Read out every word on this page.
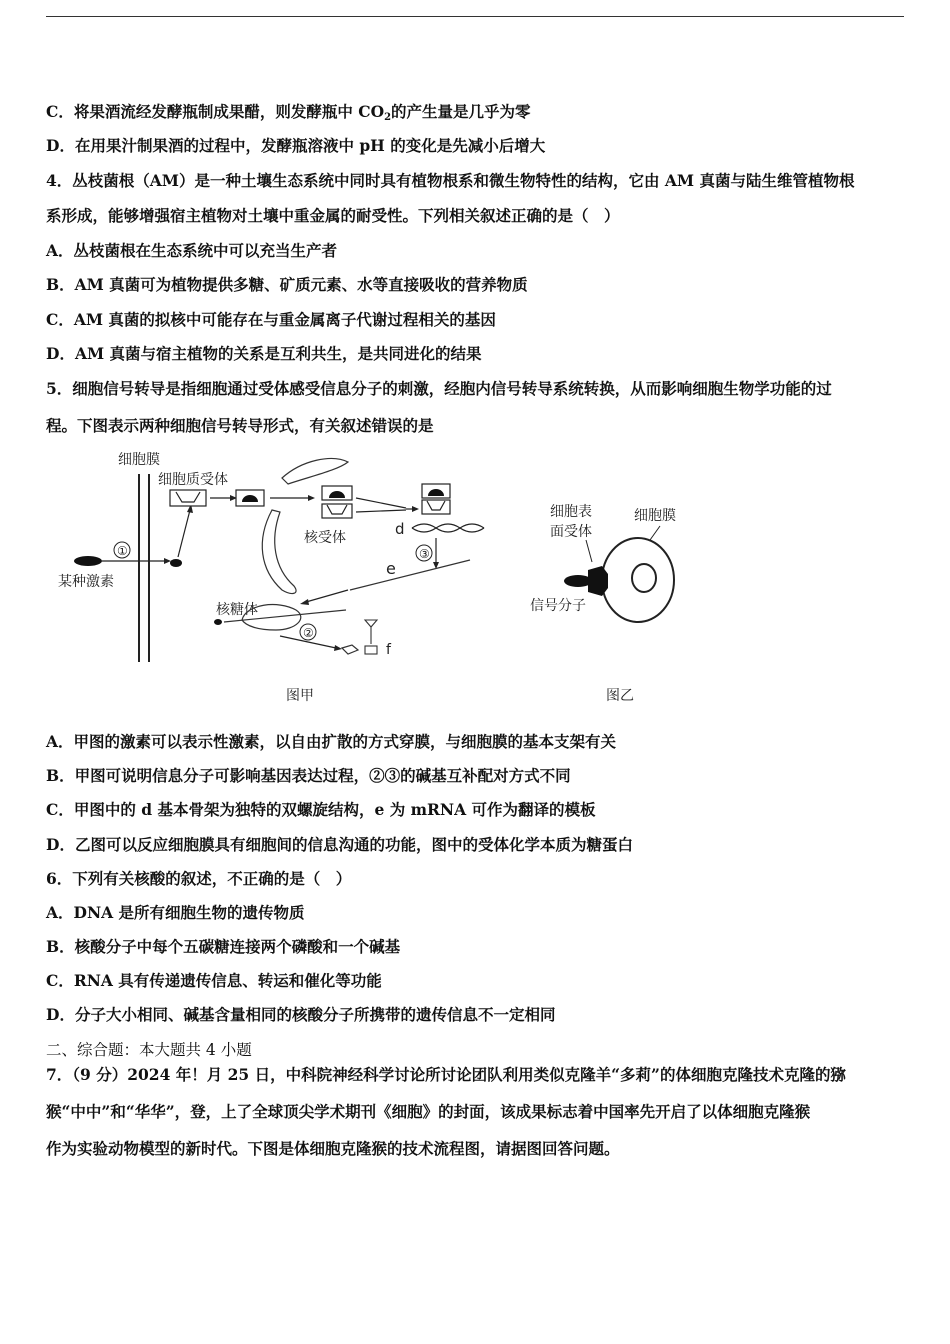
C．将果酒流经发酵瓶制成果醋，则发酵瓶中 $CO_2$的产生量是几乎为零
D．在用果汁制果酒的过程中，发酵瓶溶液中 pH 的变化是先减小后增大
4．丛枝菌根（AM）是一种土壤生态系统中同时具有植物根系和微生物特性的结构，它由 AM 真菌与陆生维管植物根
系形成，能够增强宿主植物对土壤中重金属的耐受性。下列相关叙述正确的是（　）
A．丛枝菌根在生态系统中可以充当生产者
B．AM 真菌可为植物提供多糖、矿质元素、水等直接吸收的营养物质
C．AM 真菌的拟核中可能存在与重金属离子代谢过程相关的基因
D．AM 真菌与宿主植物的关系是互利共生，是共同进化的结果
5．细胞信号转导是指细胞通过受体感受信息分子的刺激，经胞内信号转导系统转换，从而影响细胞生物学功能的过
程。下图表示两种细胞信号转导形式，有关叙述错误的是
细胞膜
细胞质受体
某种激素
①
核受体	d
③
e
核糖体
②
f
图甲
细胞表
面受体
细胞膜
信号分子
图乙
A．甲图的激素可以表示性激素，以自由扩散的方式穿膜，与细胞膜的基本支架有关
B．甲图可说明信息分子可影响基因表达过程，②③的碱基互补配对方式不同
C．甲图中的 d 基本骨架为独特的双螺旋结构，e 为 mRNA 可作为翻译的模板
D．乙图可以反应细胞膜具有细胞间的信息沟通的功能，图中的受体化学本质为糖蛋白
6．下列有关核酸的叙述，不正确的是（　）
A．DNA 是所有细胞生物的遗传物质
B．核酸分子中每个五碳糖连接两个磷酸和一个碱基
C．RNA 具有传递遗传信息、转运和催化等功能
D．分子大小相同、碱基含量相同的核酸分子所携带的遗传信息不一定相同
二、综合题：本大题共 4 小题
7．（9 分）2024 年！月 25 日，中科院神经科学讨论所讨论团队利用类似克隆羊“多莉”的体细胞克隆技术克隆的猕
猴“中中”和“华华”，登，上了全球顶尖学术期刊《细胞》的封面，该成果标志着中国率先开启了以体细胞克隆猴
作为实验动物模型的新时代。下图是体细胞克隆猴的技术流程图，请据图回答问题。
